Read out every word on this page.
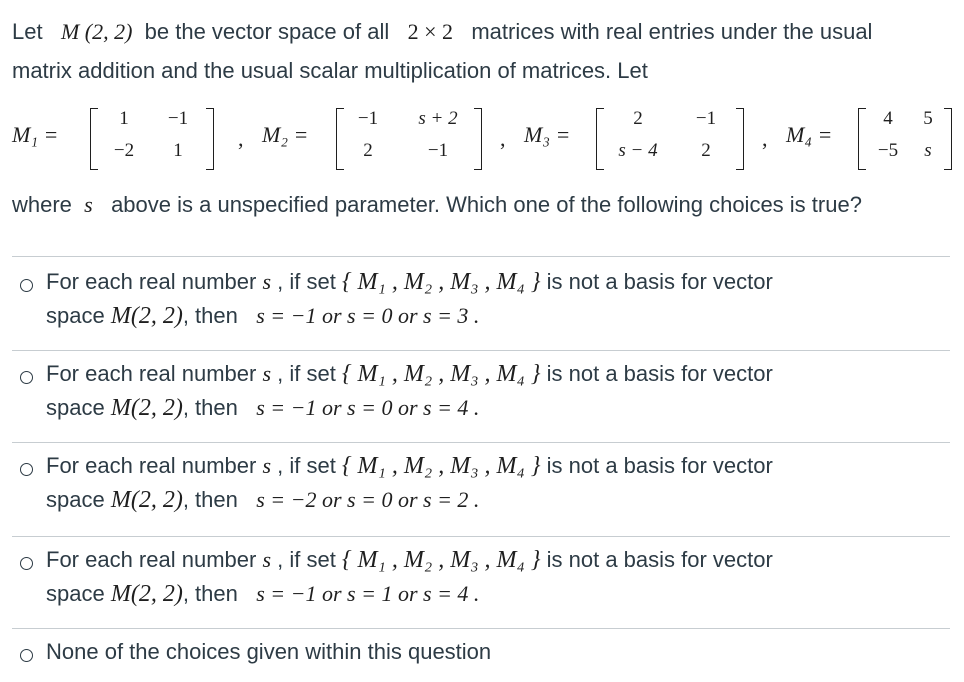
Let M (2, 2) be the vector space of all 2 × 2 matrices with real entries under the usual
matrix addition and the usual scalar multiplication of matrices. Let
M₁ =
1	−1
−2	1	, M₂ =
−1	s + 2
2	−1	, M₃ =
2	−1
s − 4	2	, M₄ =
4	5
−5	s
where s above is a unspecified parameter. Which one of the following choices is true?
For each real number s , if set { M₁ , M₂ , M₃ , M₄ } is not a basis for vector
space M(2, 2), then s = −1 or s = 0 or s = 3 .
For each real number s , if set { M₁ , M₂ , M₃ , M₄ } is not a basis for vector
space M(2, 2), then s = −1 or s = 0 or s = 4 .
For each real number s , if set { M₁ , M₂ , M₃ , M₄ } is not a basis for vector
space M(2, 2), then s = −2 or s = 0 or s = 2 .
For each real number s , if set { M₁ , M₂ , M₃ , M₄ } is not a basis for vector
space M(2, 2), then s = −1 or s = 1 or s = 4 .
None of the choices given within this question
